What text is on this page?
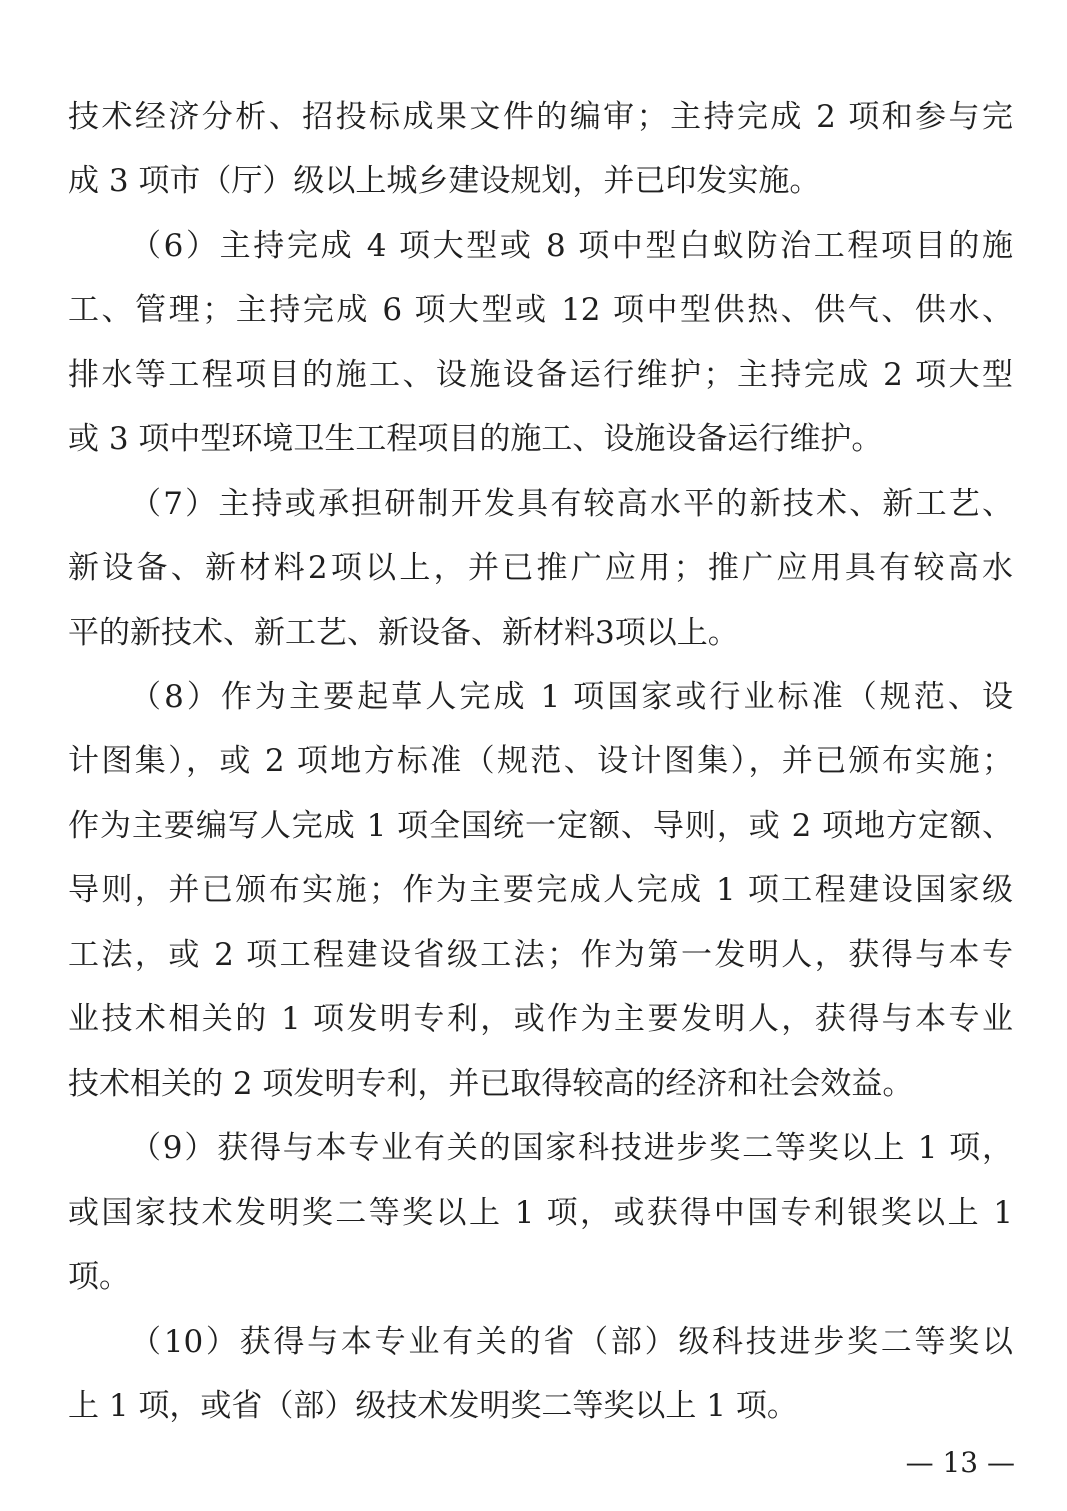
技术经济分析、招投标成果文件的编审；主持完成 2 项和参与完
成 3 项市（厅）级以上城乡建设规划，并已印发实施。
（6）主持完成 4 项大型或 8 项中型白蚁防治工程项目的施
工、管理；主持完成 6 项大型或 12 项中型供热、供气、供水、
排水等工程项目的施工、设施设备运行维护；主持完成 2 项大型
或 3 项中型环境卫生工程项目的施工、设施设备运行维护。
（7）主持或承担研制开发具有较高水平的新技术、新工艺、
新设备、新材料2项以上，并已推广应用；推广应用具有较高水
平的新技术、新工艺、新设备、新材料3项以上。
（8）作为主要起草人完成 1 项国家或行业标准（规范、设
计图集），或 2 项地方标准（规范、设计图集），并已颁布实施；
作为主要编写人完成 1 项全国统一定额、导则，或 2 项地方定额、
导则，并已颁布实施；作为主要完成人完成 1 项工程建设国家级
工法，或 2 项工程建设省级工法；作为第一发明人，获得与本专
业技术相关的 1 项发明专利，或作为主要发明人，获得与本专业
技术相关的 2 项发明专利，并已取得较高的经济和社会效益。
（9）获得与本专业有关的国家科技进步奖二等奖以上 1 项，
或国家技术发明奖二等奖以上 1 项，或获得中国专利银奖以上 1
项。
（10）获得与本专业有关的省（部）级科技进步奖二等奖以
上 1 项，或省（部）级技术发明奖二等奖以上 1 项。
— 13 —
